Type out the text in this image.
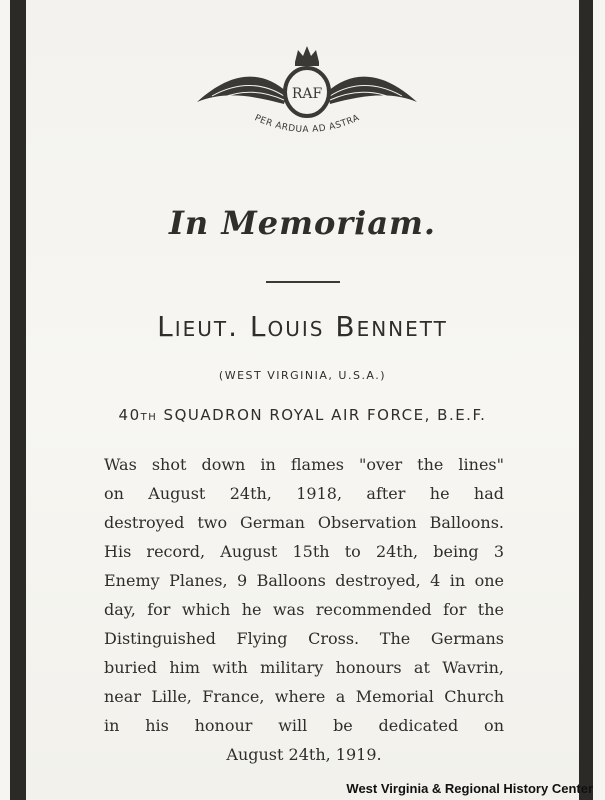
RAF
PER ARDUA AD ASTRA
In Memoriam.
Lieut. Louis Bennett
(WEST VIRGINIA, U.S.A.)
40TH SQUADRON ROYAL AIR FORCE, B.E.F.
Was shot down in flames "over the lines"
on August 24th, 1918, after he had
destroyed two German Observation Balloons.
His record, August 15th to 24th, being 3
Enemy Planes, 9 Balloons destroyed, 4 in one
day, for which he was recommended for the
Distinguished Flying Cross. The Germans
buried him with military honours at Wavrin,
near Lille, France, where a Memorial Church
in his honour will be dedicated on
August 24th, 1919.
West Virginia & Regional History Center
